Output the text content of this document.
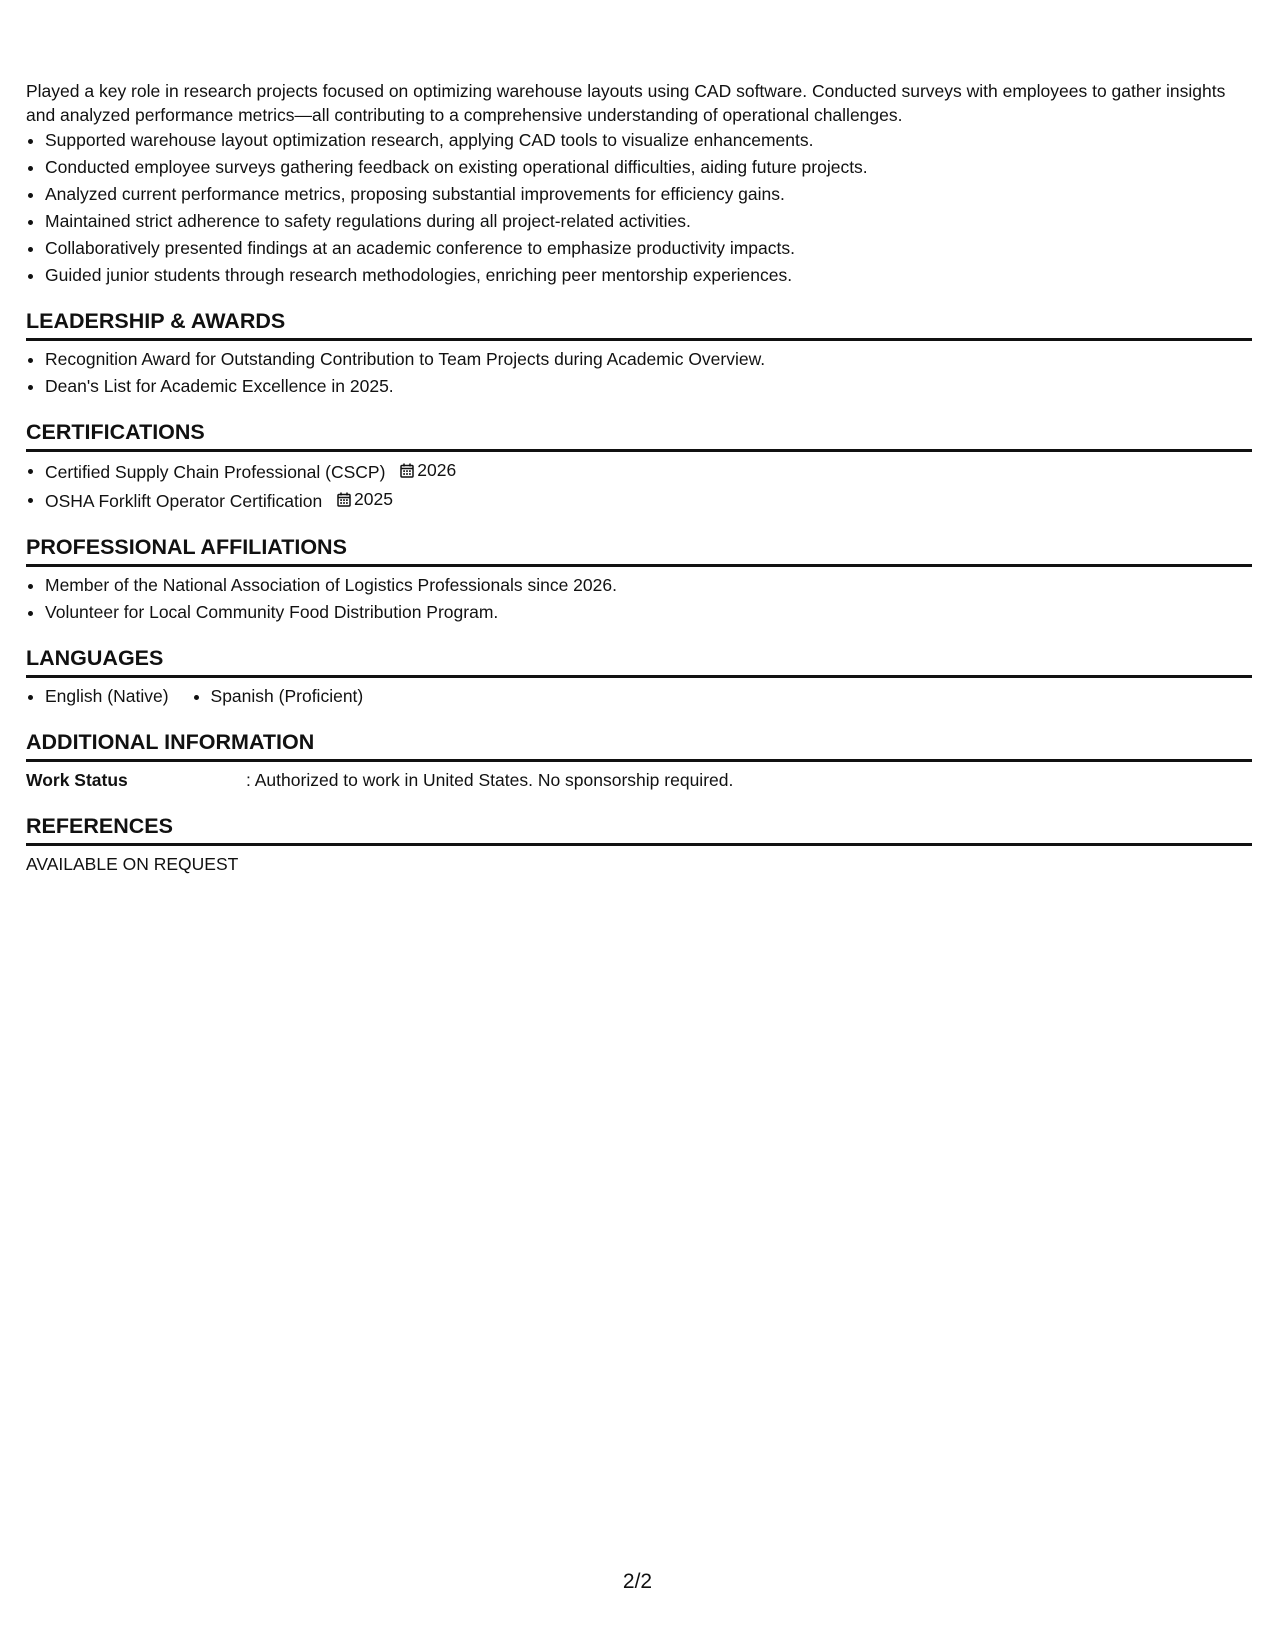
Played a key role in research projects focused on optimizing warehouse layouts using CAD software. Conducted surveys with employees to gather insights and analyzed performance metrics—all contributing to a comprehensive understanding of operational challenges.

Supported warehouse layout optimization research, applying CAD tools to visualize enhancements.
Conducted employee surveys gathering feedback on existing operational difficulties, aiding future projects.
Analyzed current performance metrics, proposing substantial improvements for efficiency gains.
Maintained strict adherence to safety regulations during all project-related activities.
Collaboratively presented findings at an academic conference to emphasize productivity impacts.
Guided junior students through research methodologies, enriching peer mentorship experiences.
LEADERSHIP & AWARDS
Recognition Award for Outstanding Contribution to Team Projects during Academic Overview.
Dean's List for Academic Excellence in 2025.
CERTIFICATIONS
Certified Supply Chain Professional (CSCP) 2026
OSHA Forklift Operator Certification 2025
PROFESSIONAL AFFILIATIONS
Member of the National Association of Logistics Professionals since 2026.
Volunteer for Local Community Food Distribution Program.
LANGUAGES
English (Native) Spanish (Proficient)
ADDITIONAL INFORMATION
Work Status	: Authorized to work in United States. No sponsorship required.
REFERENCES
AVAILABLE ON REQUEST
2/2
